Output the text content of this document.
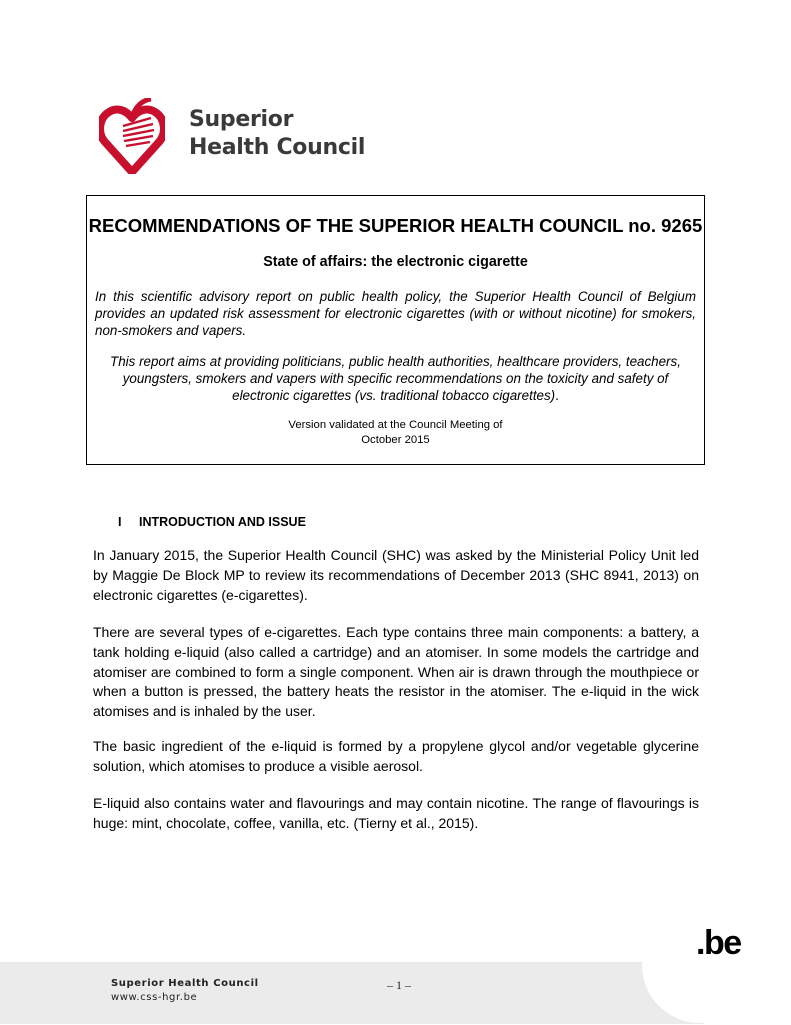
Superior
Health Council
RECOMMENDATIONS OF THE SUPERIOR HEALTH COUNCIL no. 9265
State of affairs: the electronic cigarette
In this scientific advisory report on public health policy, the Superior Health Council of Belgium provides an updated risk assessment for electronic cigarettes (with or without nicotine) for smokers, non-smokers and vapers.
This report aims at providing politicians, public health authorities, healthcare providers, teachers, youngsters, smokers and vapers with specific recommendations on the toxicity and safety of electronic cigarettes (vs. traditional tobacco cigarettes).
Version validated at the Council Meeting of
October 2015
I INTRODUCTION AND ISSUE
In January 2015, the Superior Health Council (SHC) was asked by the Ministerial Policy Unit led by Maggie De Block MP to review its recommendations of December 2013 (SHC 8941, 2013) on electronic cigarettes (e-cigarettes).
There are several types of e-cigarettes. Each type contains three main components: a battery, a tank holding e-liquid (also called a cartridge) and an atomiser. In some models the cartridge and atomiser are combined to form a single component. When air is drawn through the mouthpiece or when a button is pressed, the battery heats the resistor in the atomiser. The e-liquid in the wick atomises and is inhaled by the user.
The basic ingredient of the e-liquid is formed by a propylene glycol and/or vegetable glycerine solution, which atomises to produce a visible aerosol.
E-liquid also contains water and flavourings and may contain nicotine. The range of flavourings is huge: mint, chocolate, coffee, vanilla, etc. (Tierny et al., 2015).
.be
Superior Health Council
www.css-hgr.be
– 1 –
